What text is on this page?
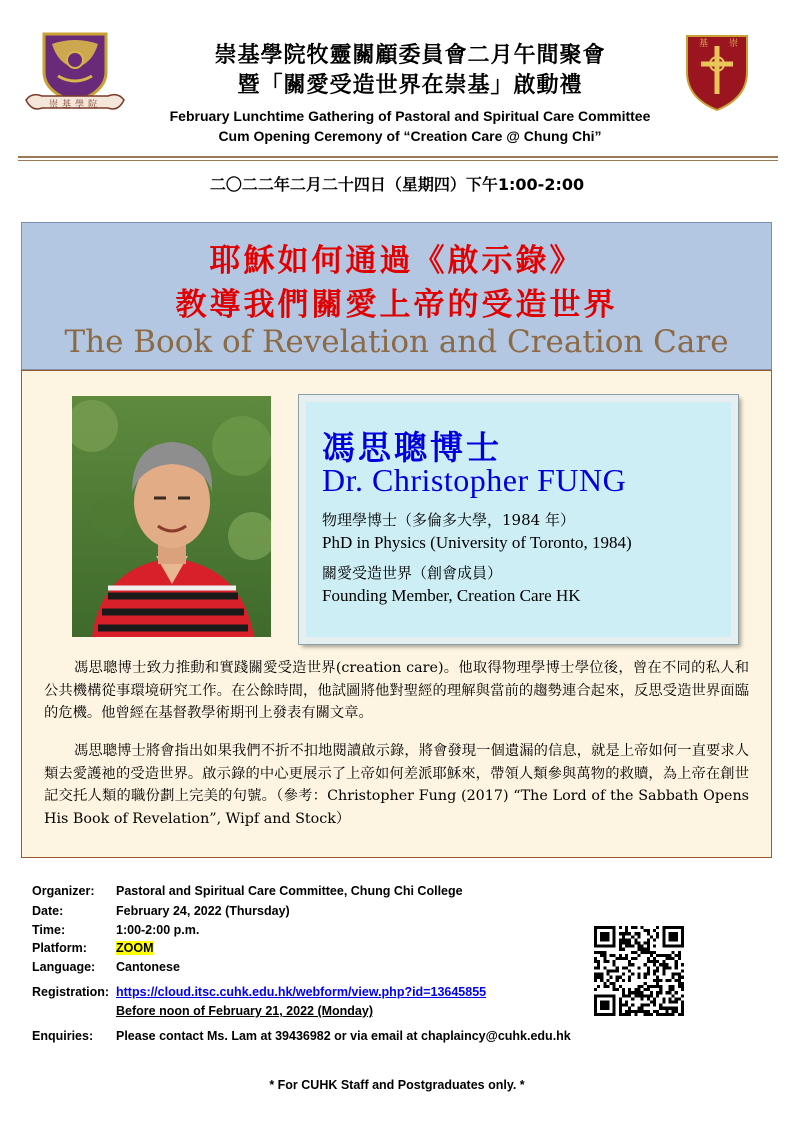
崇基學院
基 崇
崇基學院牧靈關顧委員會二月午間聚會
暨「關愛受造世界在崇基」啟動禮
February Lunchtime Gathering of Pastoral and Spiritual Care Committee
Cum Opening Ceremony of “Creation Care @ Chung Chi”
二〇二二年二月二十四日（星期四）下午1:00-2:00
耶穌如何通過《啟示錄》
教導我們關愛上帝的受造世界
The Book of Revelation and Creation Care
馮思聰博士
Dr. Christopher FUNG
物理學博士（多倫多大學，1984 年）
PhD in Physics (University of Toronto, 1984)
關愛受造世界（創會成員）
Founding Member, Creation Care HK

馮思聰博士致力推動和實踐關愛受造世界(creation care)。他取得物理學博士學位後，曾在不同的私人和公共機構從事環境研究工作。在公餘時間，他試圖將他對聖經的理解與當前的趨勢連合起來，反思受造世界面臨的危機。他曾經在基督教學術期刊上發表有關文章。

馮思聰博士將會指出如果我們不折不扣地閱讀啟示錄，將會發現一個遺漏的信息，就是上帝如何一直要求人類去愛護祂的受造世界。啟示錄的中心更展示了上帝如何差派耶穌來，帶領人類參與萬物的救贖，為上帝在創世記交托人類的職份劃上完美的句號。（參考：Christopher Fung (2017) “The Lord of the Sabbath Opens His Book of Revelation”, Wipf and Stock）

Organizer: Pastoral and Spiritual Care Committee, Chung Chi College
Date:	February 24, 2022 (Thursday)
Time:	1:00-2:00 p.m.
Platform: ZOOM
Language: Cantonese
Registration: https://cloud.itsc.cuhk.edu.hk/webform/view.php?id=13645855
Before noon of February 21, 2022 (Monday)
Enquiries: Please contact Ms. Lam at 39436982 or via email at chaplaincy@cuhk.edu.hk
* For CUHK Staff and Postgraduates only. *
